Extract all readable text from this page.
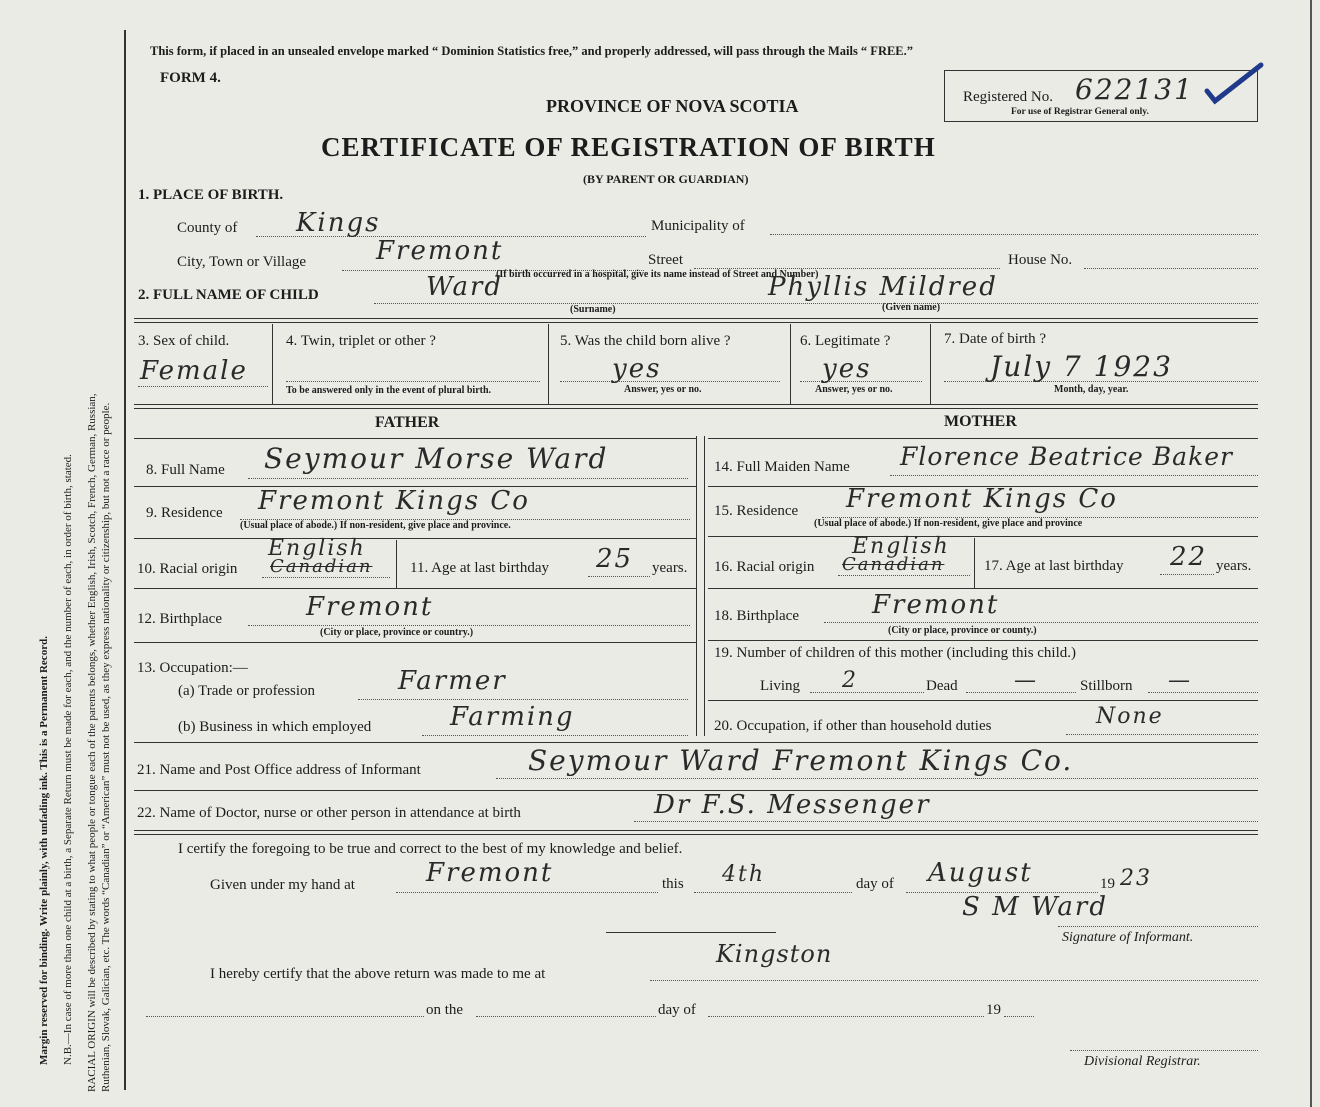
Margin reserved for binding. Write plainly, with unfading ink. This is a Permanent Record. N.B.—In case of more than one child at a birth, a Separate Return must be made for each, and the number of each, in order of birth, stated. RACIAL ORIGIN will be described by stating to what people or tongue each of the parents belongs, whether English, Irish, Scotch, French, German, Russian, Ruthenian, Slovak, Galician, etc. The words “Canadian” or “American” must not be used, as they express nationality or citizenship, but not a race or people.
This form, if placed in an unsealed envelope marked “ Dominion Statistics free,” and properly addressed, will pass through the Mails “ FREE.”
FORM 4.
PROVINCE OF NOVA SCOTIA	Registered No. 622131
For use of Registrar General only.
CERTIFICATE OF REGISTRATION OF BIRTH
(BY PARENT OR GUARDIAN)
1. PLACE OF BIRTH.
County of Kings	Municipality of
City, Town or Village	Fremont	Street	House No.
(If birth occurred in a hospital, give its name instead of Street and Number)
2. FULL NAME OF CHILD	Ward
(Surname)
Phyllis Mildred
(Given name)
3. Sex of child.
Female
4. Twin, triplet or other ?
To be answered only in the event of plural birth.
5. Was the child born alive ?
yes
Answer, yes or no.
6. Legitimate ?
yes
Answer, yes or no.
7. Date of birth ?
July 7 1923
Month, day, year.
FATHER	MOTHER
8. Full Name Seymour Morse Ward
9. Residence Fremont Kings Co
(Usual place of abode.) If non-resident, give place and province.
10. Racial origin
English
Canadian	11. Age at last birthday 25 years.
12. Birthplace	Fremont
(City or place, province or country.)
13. Occupation:—
(a) Trade or profession	Farmer
(b) Business in which employed	Farming
14. Full Maiden Name Florence Beatrice Baker
15. Residence Fremont Kings Co
(Usual place of abode.) If non-resident, give place and province
16. Racial origin
English
Canadian	17. Age at last birthday 22 years.
18. Birthplace	Fremont
(City or place, province or county.)
19. Number of children of this mother (including this child.)
Living 2	Dead	—	Stillborn —
20. Occupation, if other than household duties	None
21. Name and Post Office address of Informant	Seymour Ward Fremont Kings Co.
22. Name of Doctor, nurse or other person in attendance at birth	Dr F.S. Messenger
I certify the foregoing to be true and correct to the best of my knowledge and belief.
Given under my hand at	Fremont	this 4th	day of August	19 23
S M Ward
Signature of Informant.
I hereby certify that the above return was made to me at
Kingston
on the	day of	19
Divisional Registrar.
